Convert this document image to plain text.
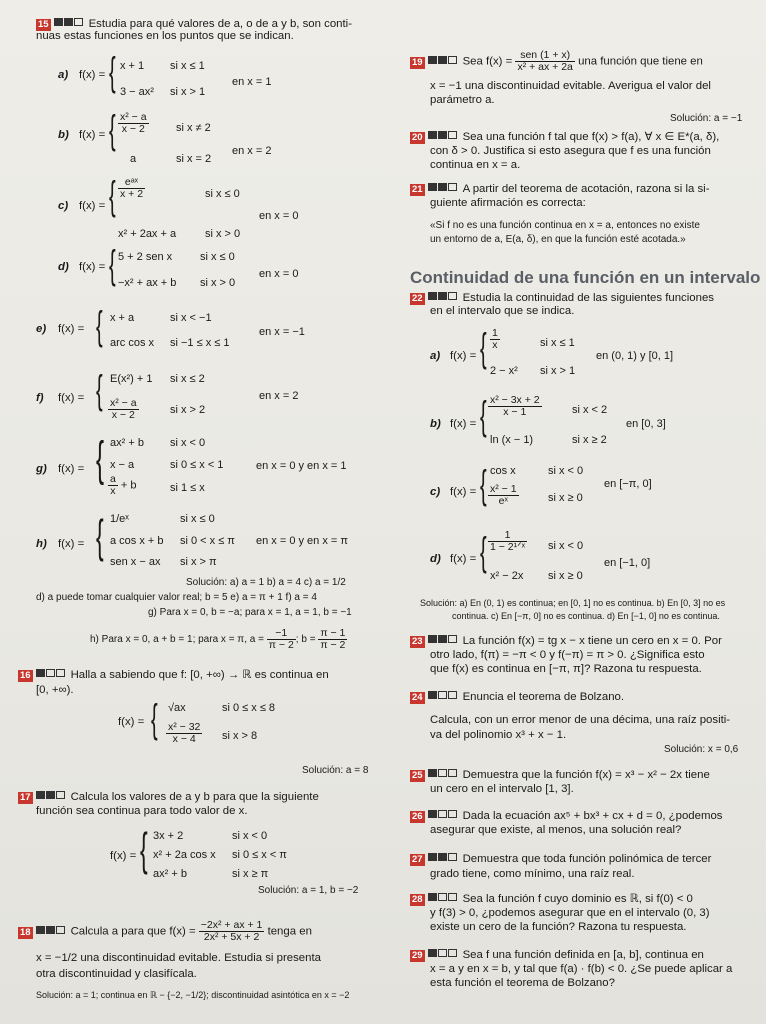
15	Estudia para qué valores de a, o de a y b, son conti-
nuas estas funciones en los puntos que se indican.
a) f(x) = { x + 1 si x ≤ 1
3 − ax² si x > 1
en x = 1
b) f(x) = { $\frac{\text{x² − a}}{x - 2}$ si x ≠ 2
a	si x = 2
en x = 2
c) f(x) = { $\frac{\text{eᵃˣ}}{x + 2}$	si x ≤ 0
x² + 2ax + a	si x > 0
en x = 0
d) f(x) = { 5 + 2 sen x	si x ≤ 0
−x² + ax + b si x > 0
en x = 0
e) f(x) = { x + a	si x < −1
arc cos x si −1 ≤ x ≤ 1
en x = −1
f) f(x) = { E(x²) + 1 si x ≤ 2
$\frac{\text{x² − a}}{x - 2}$	si x > 2
en x = 2
g) f(x) = { ax² + b si x < 0
x − a	si 0 ≤ x < 1
$\frac{a}{x} + b$	si 1 ≤ x
en x = 0 y en x = 1
h) f(x) = { 1/eˣ	si x ≤ 0
a cos x + b si 0 < x ≤ π
sen x − ax si x > π
en x = 0 y en x = π
Solución: a) a = 1 b) a = 4 c) a = 1/2
d) a puede tomar cualquier valor real; b = 5 e) a = π + 1 f) a = 4
g) Para x = 0, b = −a; para x = 1, a = 1, b = −1
h) Para x = 0, a + b = 1; para x = π, $a = \frac{-1}{\pi - 2}$ ; $b = \frac{\pi - 1}{\pi - 2}$
16	Halla a sabiendo que f: [0, +∞) → ℝ es continua en
[0, +∞).
f(x) = { √ax	si 0 ≤ x ≤ 8
$\frac{\text{x² − 32}}{x - 4}$ si x > 8
Solución: a = 8
17	Calcula los valores de a y b para que la siguiente
función sea continua para todo valor de x.
f(x) = { 3x + 2	si x < 0
x² + 2a cos x si 0 ≤ x < π
ax² + b	si x ≥ π
Solución: a = 1, b = −2
18	Calcula a para que $f(x) = \frac{\text{−2x² + ax + 1}}{\text{2x² + 5x + 2}}$ tenga en
x = −1/2 una discontinuidad evitable. Estudia si presenta
otra discontinuidad y clasifícala.
Solución: a = 1; continua en ℝ − {−2, −1/2}; discontinuidad asintótica en x = −2
19	Sea $f(x) = \frac{\text{sen (1 + x)}}{\text{x² + ax + 2a}}$ una función que tiene en
x = −1 una discontinuidad evitable. Averigua el valor del
parámetro a.
Solución: a = −1
20	Sea una función f tal que f(x) > f(a), ∀ x ∈ E*(a, δ),
con δ > 0. Justifica si esto asegura que f es una función
continua en x = a.
21	A partir del teorema de acotación, razona si la si-
guiente afirmación es correcta:
«Si f no es una función continua en x = a, entonces no existe
un entorno de a, E(a, δ), en que la función esté acotada.»
Continuidad de una función en un intervalo
22	Estudia la continuidad de las siguientes funciones
en el intervalo que se indica.
a) f(x) = { $\frac{1}{x}$	si x ≤ 1
2 − x² si x > 1
en (0, 1) y [0, 1]
b) f(x) = { $\frac{\text{x² − 3x + 2}}{x - 1}$	si x < 2
ln (x − 1)	si x ≥ 2
en [0, 3]
c) f(x) = { cos x	si x < 0
$\frac{\text{x² − 1}}{\text{eˣ}}$	si x ≥ 0
en [−π, 0]
d) f(x) = { $\frac{1}{\text{1 − 2¹ᐟˣ}}$ si x < 0
x² − 2x si x ≥ 0
en [−1, 0]
Solución: a) En (0, 1) es continua; en [0, 1] no es continua. b) En [0, 3] no es
continua. c) En [−π, 0] no es continua. d) En [−1, 0] no es continua.
23	La función f(x) = tg x − x tiene un cero en x = 0. Por
otro lado, f(π) = −π < 0 y f(−π) = π > 0. ¿Significa esto
que f(x) es continua en [−π, π]? Razona tu respuesta.
24	Enuncia el teorema de Bolzano.
Calcula, con un error menor de una décima, una raíz positi-
va del polinomio x³ + x − 1.
Solución: x = 0,6
25	Demuestra que la función f(x) = x³ − x² − 2x tiene
un cero en el intervalo [1, 3].
26	Dada la ecuación ax⁵ + bx³ + cx + d = 0, ¿podemos
asegurar que existe, al menos, una solución real?
27	Demuestra que toda función polinómica de tercer
grado tiene, como mínimo, una raíz real.
28	Sea la función f cuyo dominio es ℝ, si f(0) < 0
y f(3) > 0, ¿podemos asegurar que en el intervalo (0, 3)
existe un cero de la función? Razona tu respuesta.
29	Sea f una función definida en [a, b], continua en
x = a y en x = b, y tal que f(a) · f(b) < 0. ¿Se puede aplicar a
esta función el teorema de Bolzano?
